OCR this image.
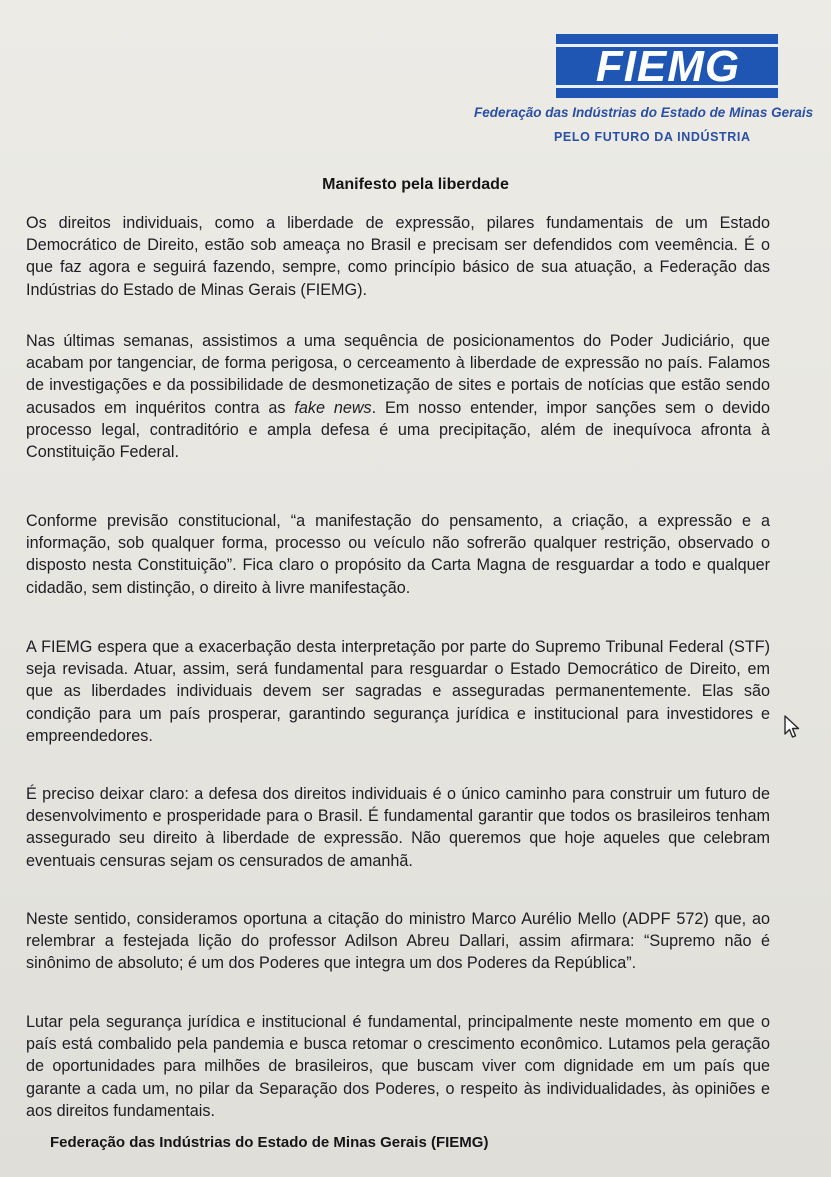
FIEMG
Federação das Indústrias do Estado de Minas Gerais
PELO FUTURO DA INDÚSTRIA
Manifesto pela liberdade
Os direitos individuais, como a liberdade de expressão, pilares fundamentais de um Estado Democrático de Direito, estão sob ameaça no Brasil e precisam ser defendidos com veemência. É o que faz agora e seguirá fazendo, sempre, como princípio básico de sua atuação, a Federação das Indústrias do Estado de Minas Gerais (FIEMG).
Nas últimas semanas, assistimos a uma sequência de posicionamentos do Poder Judiciário, que acabam por tangenciar, de forma perigosa, o cerceamento à liberdade de expressão no país. Falamos de investigações e da possibilidade de desmonetização de sites e portais de notícias que estão sendo acusados em inquéritos contra as fake news. Em nosso entender, impor sanções sem o devido processo legal, contraditório e ampla defesa é uma precipitação, além de inequívoca afronta à Constituição Federal.
Conforme previsão constitucional, “a manifestação do pensamento, a criação, a expressão e a informação, sob qualquer forma, processo ou veículo não sofrerão qualquer restrição, observado o disposto nesta Constituição”. Fica claro o propósito da Carta Magna de resguardar a todo e qualquer cidadão, sem distinção, o direito à livre manifestação.
A FIEMG espera que a exacerbação desta interpretação por parte do Supremo Tribunal Federal (STF) seja revisada. Atuar, assim, será fundamental para resguardar o Estado Democrático de Direito, em que as liberdades individuais devem ser sagradas e asseguradas permanentemente. Elas são condição para um país prosperar, garantindo segurança jurídica e institucional para investidores e empreendedores.
É preciso deixar claro: a defesa dos direitos individuais é o único caminho para construir um futuro de desenvolvimento e prosperidade para o Brasil. É fundamental garantir que todos os brasileiros tenham assegurado seu direito à liberdade de expressão. Não queremos que hoje aqueles que celebram eventuais censuras sejam os censurados de amanhã.
Neste sentido, consideramos oportuna a citação do ministro Marco Aurélio Mello (ADPF 572) que, ao relembrar a festejada lição do professor Adilson Abreu Dallari, assim afirmara: “Supremo não é sinônimo de absoluto; é um dos Poderes que integra um dos Poderes da República”.
Lutar pela segurança jurídica e institucional é fundamental, principalmente neste momento em que o país está combalido pela pandemia e busca retomar o crescimento econômico. Lutamos pela geração de oportunidades para milhões de brasileiros, que buscam viver com dignidade em um país que garante a cada um, no pilar da Separação dos Poderes, o respeito às individualidades, às opiniões e aos direitos fundamentais.
Federação das Indústrias do Estado de Minas Gerais (FIEMG)
